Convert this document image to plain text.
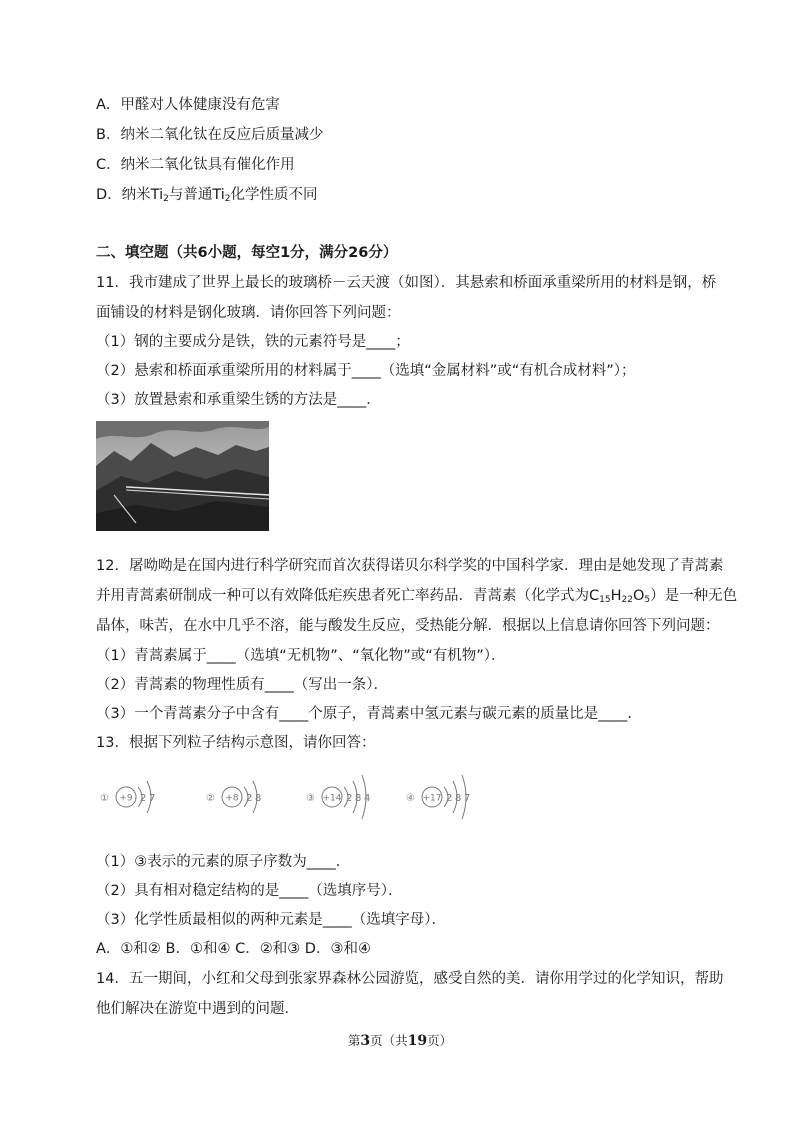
A．甲醛对人体健康没有危害
B．纳米二氧化钛在反应后质量减少
C．纳米二氧化钛具有催化作用
D．纳米$Ti_2$与普通$Ti_2$化学性质不同
二、填空题（共6小题，每空1分，满分26分）
11．我市建成了世界上最长的玻璃桥－云天渡（如图）．其悬索和桥面承重梁所用的材料是钢，桥
面铺设的材料是钢化玻璃．请你回答下列问题：
（1）钢的主要成分是铁，铁的元素符号是____；
（2）悬索和桥面承重梁所用的材料属于____（选填“金属材料”或“有机合成材料”）；
（3）放置悬索和承重梁生锈的方法是____．
12．屠呦呦是在国内进行科学研究而首次获得诺贝尔科学奖的中国科学家．理由是她发现了青蒿素
并用青蒿素研制成一种可以有效降低疟疾患者死亡率药品．青蒿素（化学式为$C_{15}H_{22}O_5$）是一种无色
晶体，味苦，在水中几乎不溶，能与酸发生反应，受热能分解．根据以上信息请你回答下列问题：
（1）青蒿素属于____（选填“无机物”、“氧化物”或“有机物”）．
（2）青蒿素的物理性质有____（写出一条）．
（3）一个青蒿素分子中含有____个原子，青蒿素中氢元素与碳元素的质量比是____．
13．根据下列粒子结构示意图，请你回答：
① +9 2 7	② +8 2 8	③ +14 2 8 4	④ +17 2 8 7
（1）③表示的元素的原子序数为____．
（2）具有相对稳定结构的是____（选填序号）．
（3）化学性质最相似的两种元素是____（选填字母）．
A．①和② B．①和④ C．②和③ D．③和④
14．五一期间，小红和父母到张家界森林公园游览，感受自然的美．请你用学过的化学知识，帮助
他们解决在游览中遇到的问题．
第3页（共19页）
